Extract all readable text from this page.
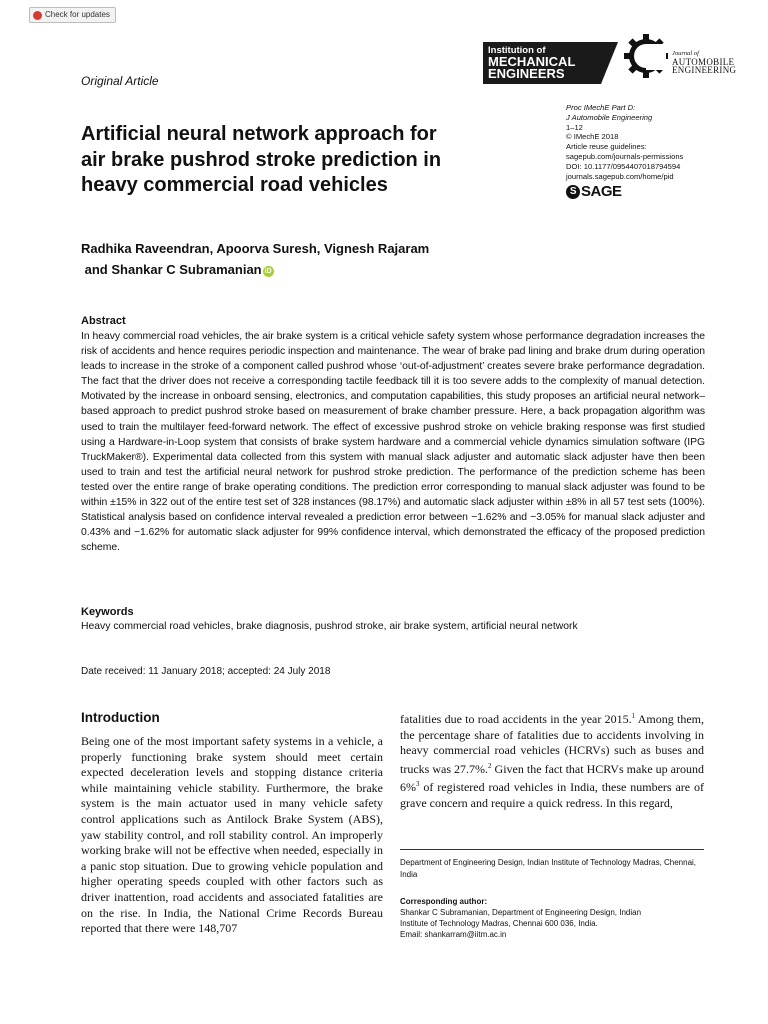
Check for updates
Original Article
Institution of
MECHANICAL
ENGINEERS
Journal of
AUTOMOBILE
ENGINEERING
Proc IMechE Part D:
J Automobile Engineering
1–12
© IMechE 2018
Article reuse guidelines:
sagepub.com/journals-permissions
DOI: 10.1177/0954407018794594
journals.sagepub.com/home/pid
S SAGE
Artificial neural network approach for
air brake pushrod stroke prediction in
heavy commercial road vehicles
Radhika Raveendran, Apoorva Suresh, Vignesh Rajaram
and Shankar C Subramanian iD
Abstract
In heavy commercial road vehicles, the air brake system is a critical vehicle safety system whose performance degradation increases the risk of accidents and hence requires periodic inspection and maintenance. The wear of brake pad lining and brake drum during operation leads to increase in the stroke of a component called pushrod whose ‘out-of-adjustment’ creates severe brake performance degradation. The fact that the driver does not receive a corresponding tactile feedback till it is too severe adds to the complexity of manual detection. Motivated by the increase in onboard sensing, electronics, and computation capabilities, this study proposes an artificial neural network–based approach to predict pushrod stroke based on measurement of brake chamber pressure. Here, a back propagation algorithm was used to train the multilayer feed-forward network. The effect of excessive pushrod stroke on vehicle braking response was first studied using a Hardware-in-Loop system that consists of brake system hardware and a commercial vehicle dynamics simulation software (IPG TruckMaker®). Experimental data collected from this system with manual slack adjuster and automatic slack adjuster have then been used to train and test the artificial neural network for pushrod stroke prediction. The performance of the prediction scheme has been tested over the entire range of brake operating conditions. The prediction error corresponding to manual slack adjuster was found to be within ±15% in 322 out of the entire test set of 328 instances (98.17%) and automatic slack adjuster within ±8% in all 57 test sets (100%). Statistical analysis based on confidence interval revealed a prediction error between −1.62% and −3.05% for manual slack adjuster and 0.43% and −1.62% for automatic slack adjuster for 99% confidence interval, which demonstrated the efficacy of the proposed prediction scheme.
Keywords
Heavy commercial road vehicles, brake diagnosis, pushrod stroke, air brake system, artificial neural network
Date received: 11 January 2018; accepted: 24 July 2018
Introduction
Being one of the most important safety systems in a vehicle, a properly functioning brake system should meet certain expected deceleration levels and stopping distance criteria while maintaining vehicle stability. Furthermore, the brake system is the main actuator used in many vehicle safety control applications such as Antilock Brake System (ABS), yaw stability control, and roll stability control. An improperly working brake will not be effective when needed, especially in a panic stop situation. Due to growing vehicle population and higher operating speeds coupled with other factors such as driver inattention, road accidents and associated fatalities are on the rise. In India, the National Crime Records Bureau reported that there were 148,707
fatalities due to road accidents in the year 2015.$^1$ Among them, the percentage share of fatalities due to accidents involving in heavy commercial road vehicles (HCRVs) such as buses and trucks was 27.7%.$^2$ Given the fact that HCRVs make up around 6%$^3$ of registered road vehicles in India, these numbers are of grave concern and require a quick redress. In this regard,
Department of Engineering Design, Indian Institute of Technology Madras, Chennai, India
Corresponding author:
Shankar C Subramanian, Department of Engineering Design, Indian
Institute of Technology Madras, Chennai 600 036, India.
Email: shankarram@iitm.ac.in
